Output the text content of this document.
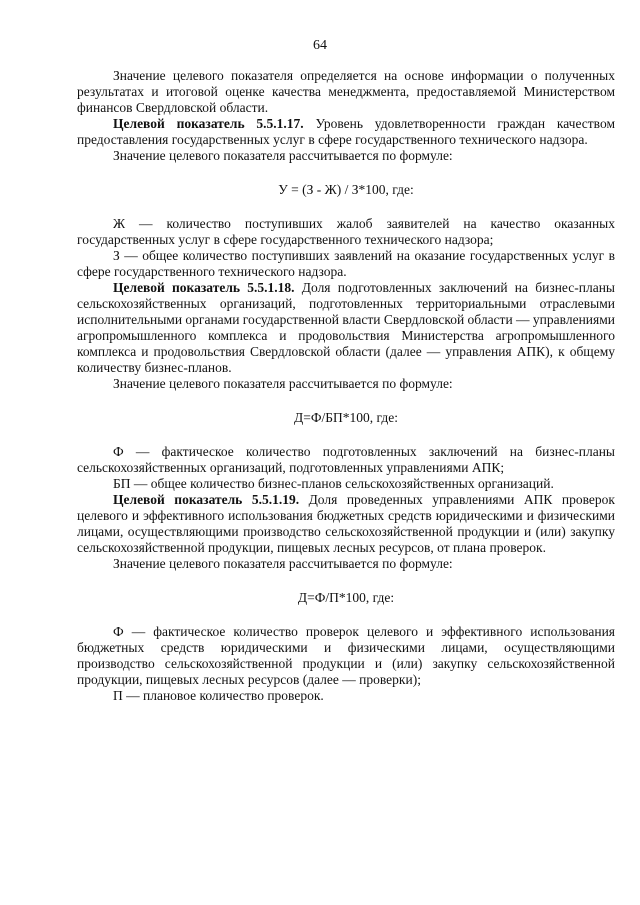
64

Значение целевого показателя определяется на основе информации о полученных результатах и итоговой оценке качества менеджмента, предоставляемой Министерством финансов Свердловской области.

Целевой показатель 5.5.1.17. Уровень удовлетворенности граждан качеством предоставления государственных услуг в сфере государственного технического надзора.

Значение целевого показателя рассчитывается по формуле:

У = (З - Ж) / З*100, где:

Ж — количество поступивших жалоб заявителей на качество оказанных государственных услуг в сфере государственного технического надзора;

З — общее количество поступивших заявлений на оказание государственных услуг в сфере государственного технического надзора.

Целевой показатель 5.5.1.18. Доля подготовленных заключений на бизнес-планы сельскохозяйственных организаций, подготовленных территориальными отраслевыми исполнительными органами государственной власти Свердловской области — управлениями агропромышленного комплекса и продовольствия Министерства агропромышленного комплекса и продовольствия Свердловской области (далее — управления АПК), к общему количеству бизнес-планов.

Значение целевого показателя рассчитывается по формуле:

Д=Ф/БП*100, где:

Ф — фактическое количество подготовленных заключений на бизнес-планы сельскохозяйственных организаций, подготовленных управлениями АПК;

БП — общее количество бизнес-планов сельскохозяйственных организаций.

Целевой показатель 5.5.1.19. Доля проведенных управлениями АПК проверок целевого и эффективного использования бюджетных средств юридическими и физическими лицами, осуществляющими производство сельскохозяйственной продукции и (или) закупку сельскохозяйственной продукции, пищевых лесных ресурсов, от плана проверок.

Значение целевого показателя рассчитывается по формуле:

Д=Ф/П*100, где:

Ф — фактическое количество проверок целевого и эффективного использования бюджетных средств юридическими и физическими лицами, осуществляющими производство сельскохозяйственной продукции и (или) закупку сельскохозяйственной продукции, пищевых лесных ресурсов (далее — проверки);

П — плановое количество проверок.
